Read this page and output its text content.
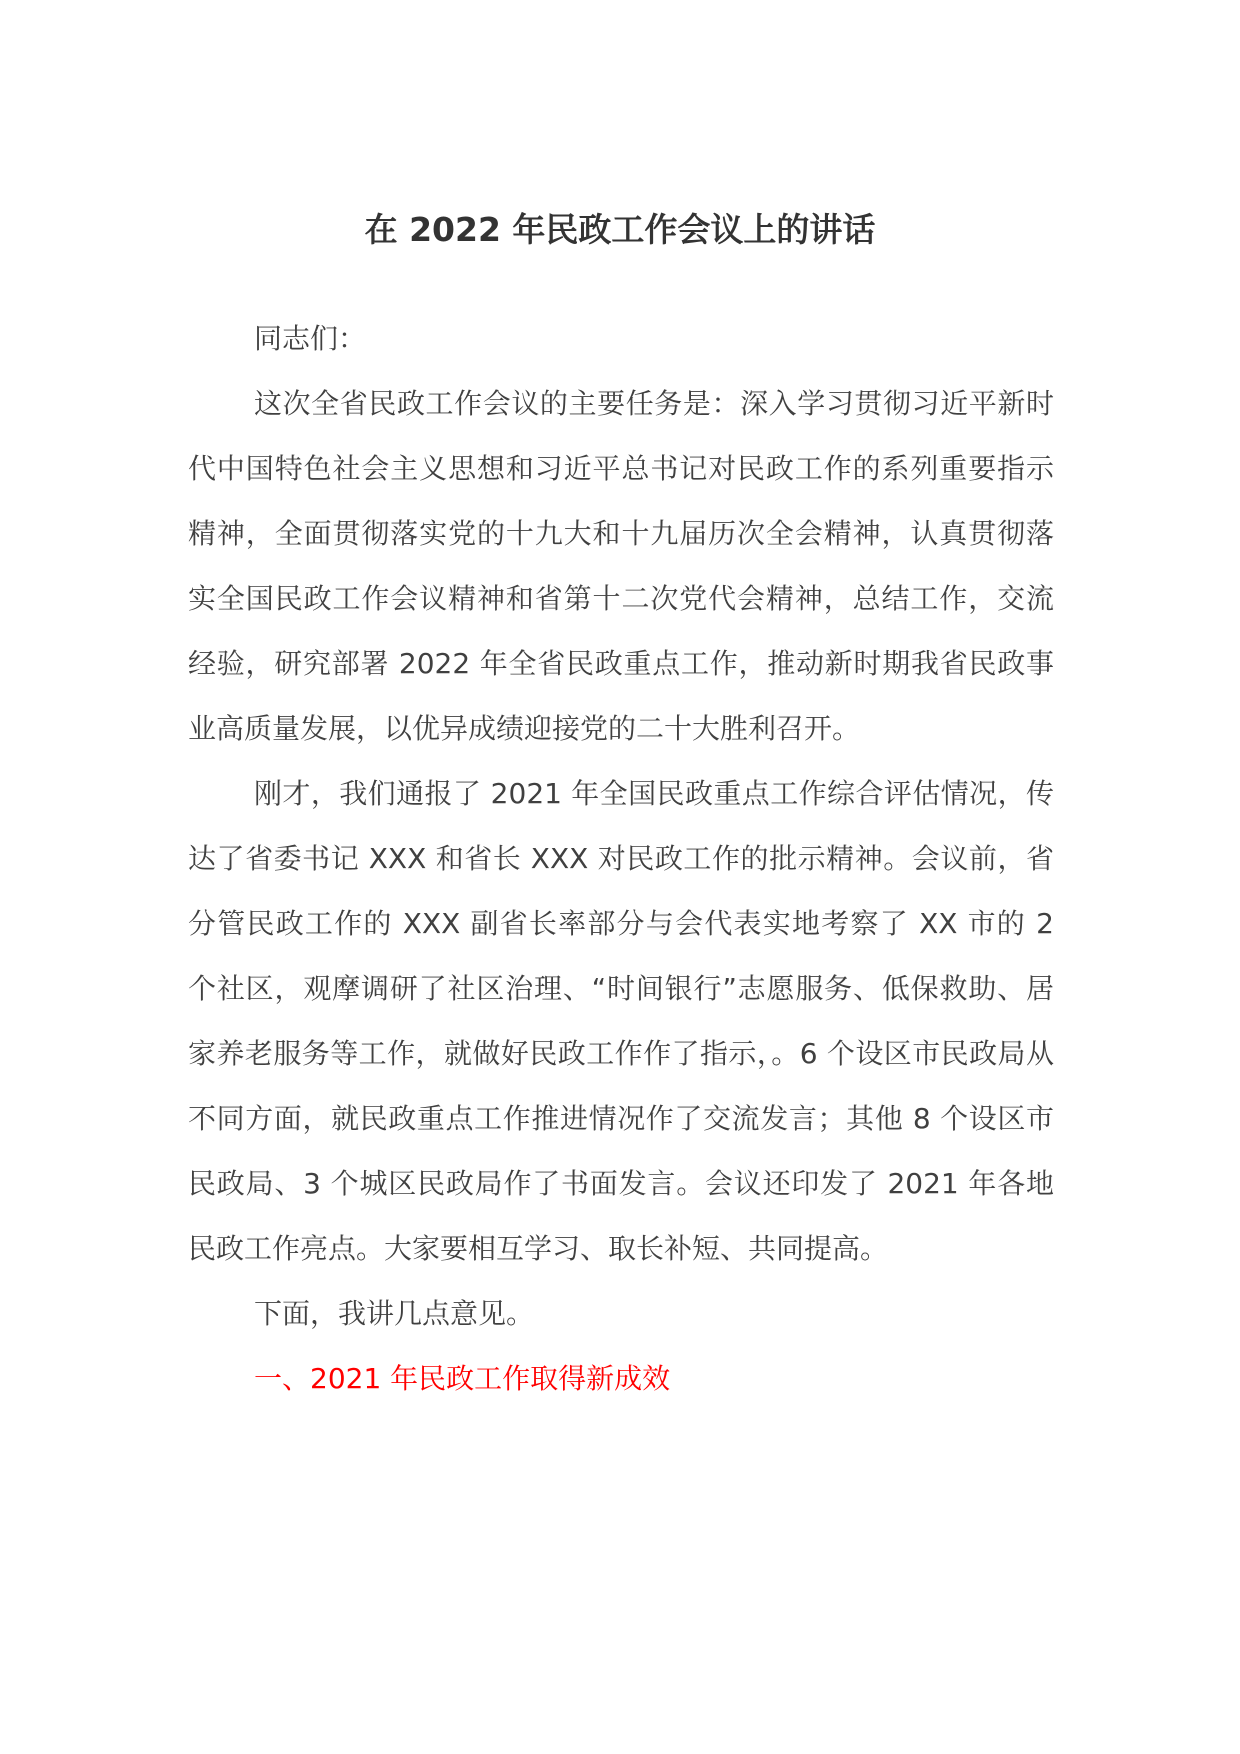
在 2022 年民政工作会议上的讲话

同志们：

这次全省民政工作会议的主要任务是：深入学习贯彻习近平新时代中国特色社会主义思想和习近平总书记对民政工作的系列重要指示精神，全面贯彻落实党的十九大和十九届历次全会精神，认真贯彻落实全国民政工作会议精神和省第十二次党代会精神，总结工作，交流经验，研究部署 2022 年全省民政重点工作，推动新时期我省民政事业高质量发展，以优异成绩迎接党的二十大胜利召开。

刚才，我们通报了 2021 年全国民政重点工作综合评估情况，传达了省委书记 XXX 和省长 XXX 对民政工作的批示精神。会议前，省分管民政工作的 XXX 副省长率部分与会代表实地考察了 XX 市的 2 个社区，观摩调研了社区治理、“时间银行”志愿服务、低保救助、居家养老服务等工作，就做好民政工作作了指示，。6 个设区市民政局从不同方面，就民政重点工作推进情况作了交流发言；其他 8 个设区市民政局、3 个城区民政局作了书面发言。会议还印发了 2021 年各地民政工作亮点。大家要相互学习、取长补短、共同提高。

下面，我讲几点意见。

一、2021 年民政工作取得新成效
